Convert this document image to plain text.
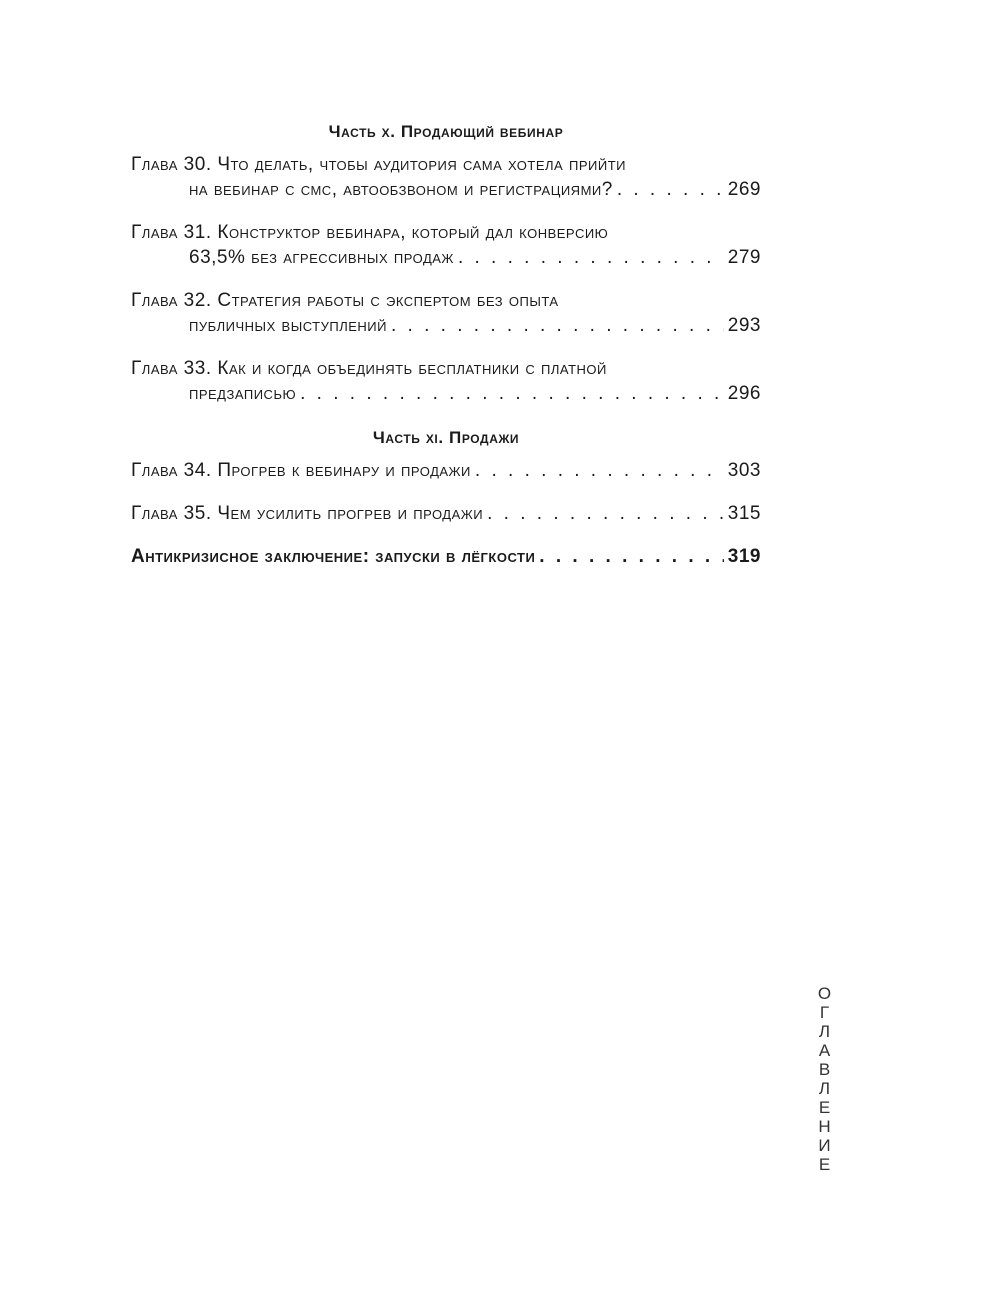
Часть x. Продающий вебинар
Глава 30. Что делать, чтобы аудитория сама хотела прийти
на вебинар с смс, автообзвоном и регистрациями? . . .	269
Глава 31. Конструктор вебинара, который дал конверсию
63,5% без агрессивных продаж . . .	279
Глава 32. Стратегия работы с экспертом без опыта
публичных выступлений . . .	293
Глава 33. Как и когда объединять бесплатники с платной
предзаписью . . .	296
Часть xi. Продажи
Глава 34. Прогрев к вебинару и продажи . . .	303
Глава 35. Чем усилить прогрев и продажи . . .	315
Антикризисное заключение: запуски в лёгкости . . .	319
ОГЛАВЛЕНИЕ
